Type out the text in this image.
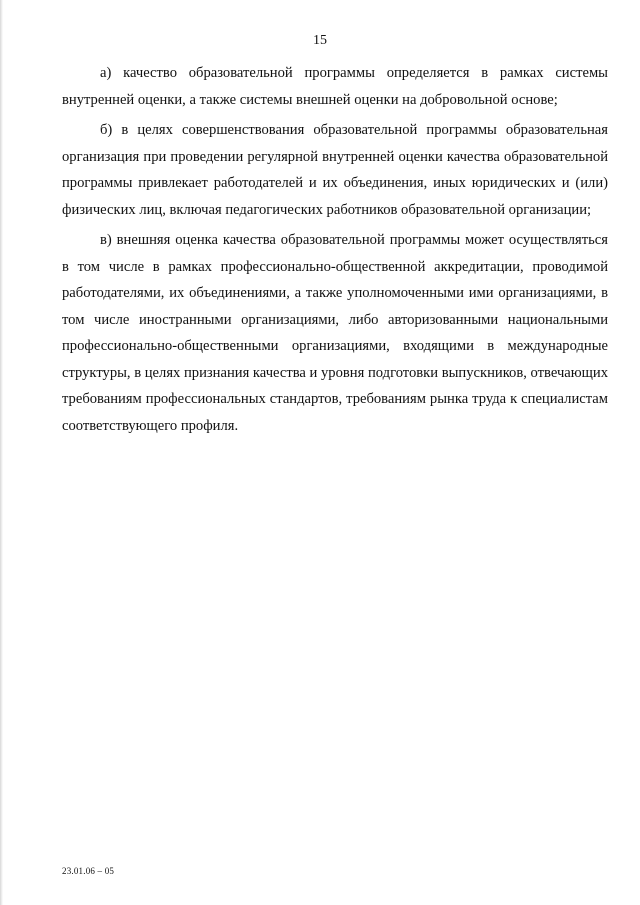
15

а) качество образовательной программы определяется в рамках системы внутренней оценки, а также системы внешней оценки на добровольной основе;

б) в целях совершенствования образовательной программы образовательная организация при проведении регулярной внутренней оценки качества образовательной программы привлекает работодателей и их объединения, иных юридических и (или) физических лиц, включая педагогических работников образовательной организации;

в) внешняя оценка качества образовательной программы может осуществляться в том числе в рамках профессионально-общественной аккредитации, проводимой работодателями, их объединениями, а также уполномоченными ими организациями, в том числе иностранными организациями, либо авторизованными национальными профессионально-общественными организациями, входящими в международные структуры, в целях признания качества и уровня подготовки выпускников, отвечающих требованиям профессиональных стандартов, требованиям рынка труда к специалистам соответствующего профиля.

23.01.06 – 05
